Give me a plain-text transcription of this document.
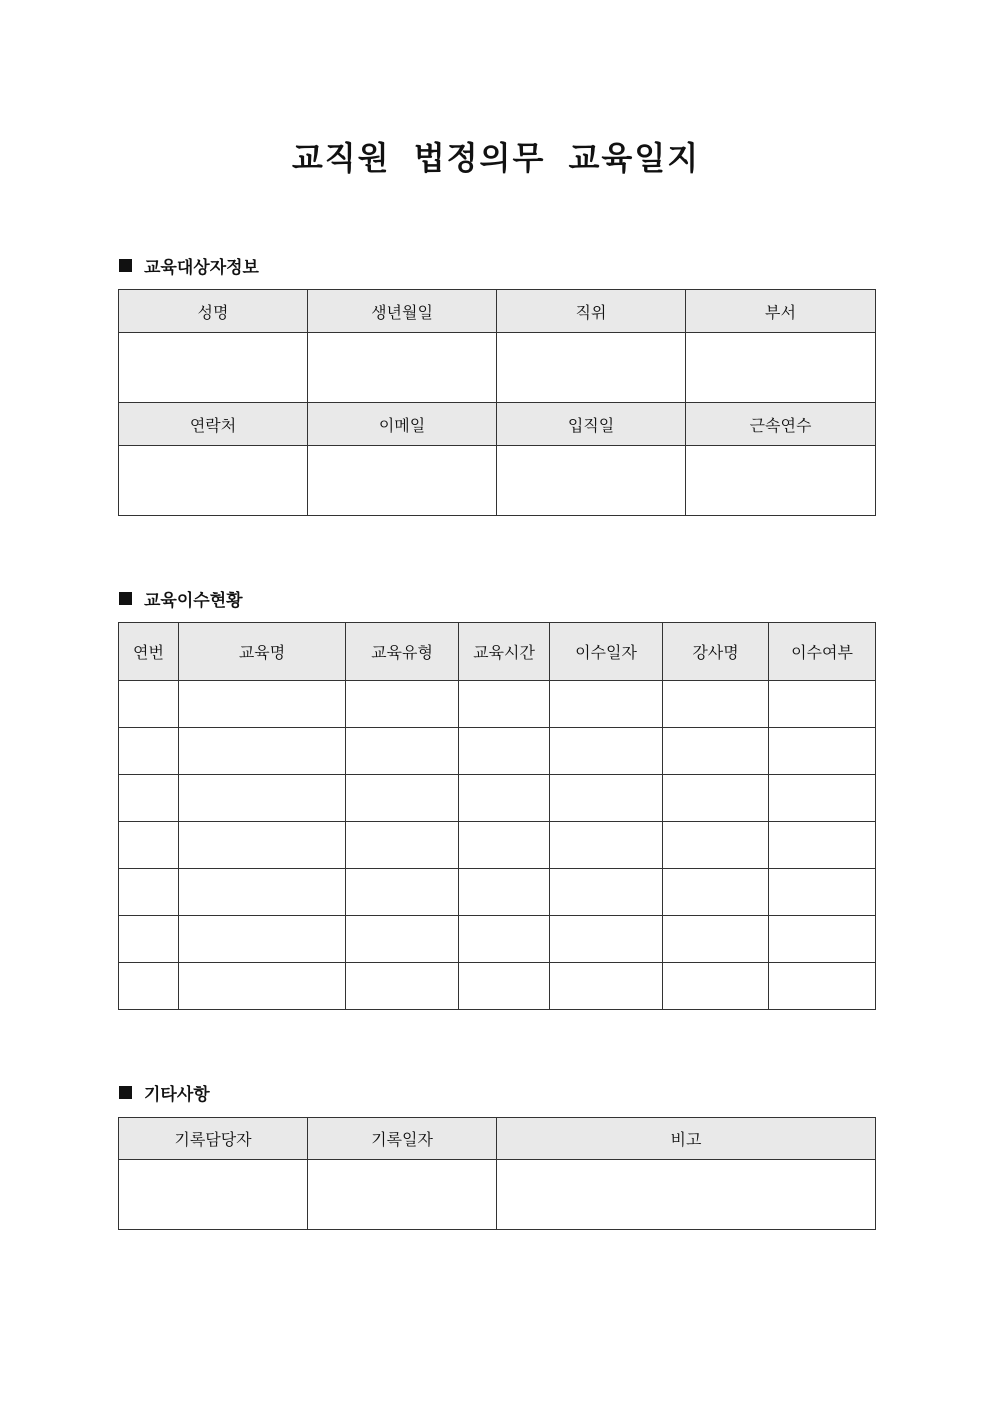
교직원 법정의무 교육일지
교육대상자정보
성명	생년월일	직위	부서

연락처	이메일	입직일	근속연수

교육이수현황
연번	교육명	교육유형	교육시간	이수일자	강사명	이수여부

기타사항
기록담당자	기록일자	비고
